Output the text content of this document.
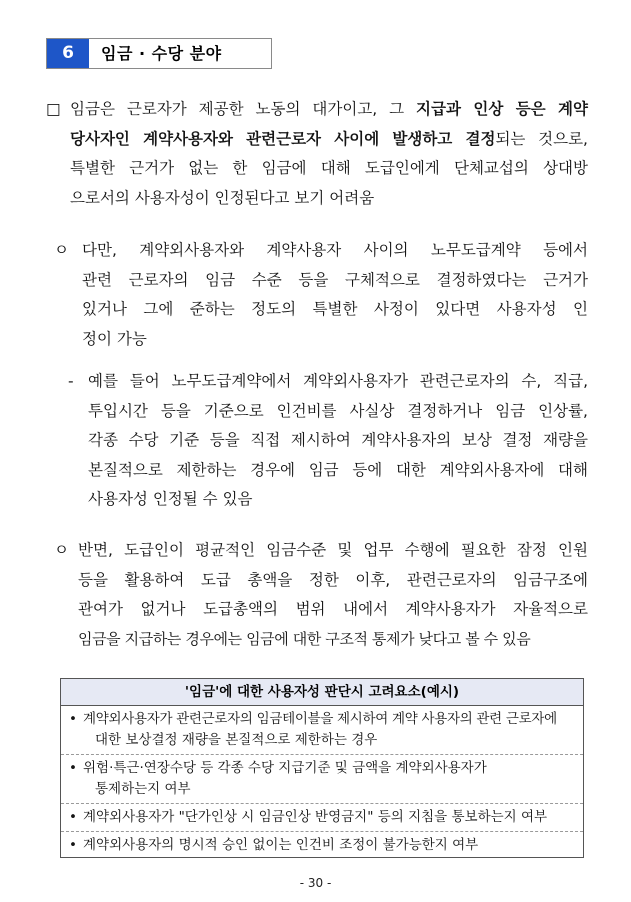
6	임금 · 수당 분야
□ 임금은 근로자가 제공한 노동의 대가이고, 그 지급과 인상 등은 계약
당사자인 계약사용자와 관련근로자 사이에 발생하고 결정되는 것으로,
특별한 근거가 없는 한 임금에 대해 도급인에게 단체교섭의 상대방
으로서의 사용자성이 인정된다고 보기 어려움
ㅇ 다만, 계약외사용자와 계약사용자 사이의 노무도급계약 등에서
관련 근로자의 임금 수준 등을 구체적으로 결정하였다는 근거가
있거나 그에 준하는 정도의 특별한 사정이 있다면 사용자성 인
정이 가능
- 예를 들어 노무도급계약에서 계약외사용자가 관련근로자의 수, 직급,
투입시간 등을 기준으로 인건비를 사실상 결정하거나 임금 인상률,
각종 수당 기준 등을 직접 제시하여 계약사용자의 보상 결정 재량을
본질적으로 제한하는 경우에 임금 등에 대한 계약외사용자에 대해
사용자성 인정될 수 있음
ㅇ 반면, 도급인이 평균적인 임금수준 및 업무 수행에 필요한 잠정 인원
등을 활용하여 도급 총액을 정한 이후, 관련근로자의 임금구조에
관여가 없거나 도급총액의 범위 내에서 계약사용자가 자율적으로
임금을 지급하는 경우에는 임금에 대한 구조적 통제가 낮다고 볼 수 있음
'임금'에 대한 사용자성 판단시 고려요소(예시)
• 계약외사용자가 관련근로자의 임금테이블을 제시하여 계약 사용자의 관련 근로자에
대한 보상결정 재량을 본질적으로 제한하는 경우
• 위험·특근·연장수당 등 각종 수당 지급기준 및 금액을 계약외사용자가
통제하는지 여부
• 계약외사용자가 "단가인상 시 임금인상 반영금지" 등의 지침을 통보하는지 여부
• 계약외사용자의 명시적 승인 없이는 인건비 조정이 불가능한지 여부
- 30 -
